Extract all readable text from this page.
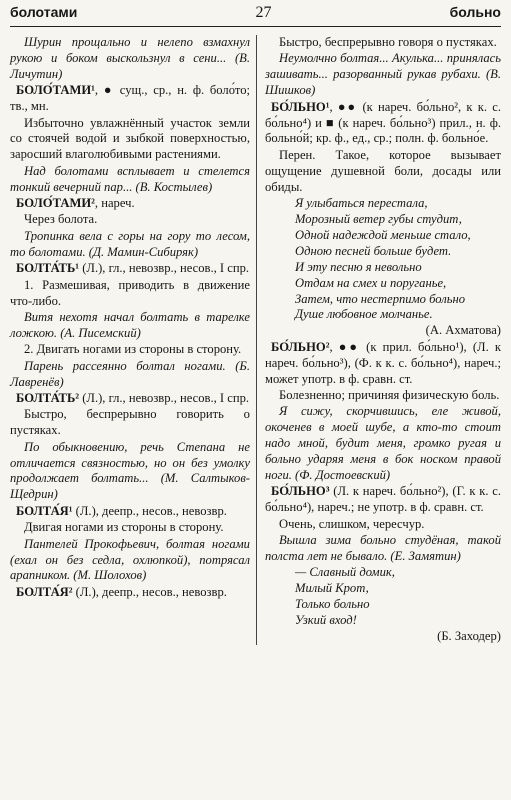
болотами	27	больно

Шурин прощально и нелепо взмахнул рукою и боком выскользнул в сени... (В. Личутин)

БОЛО́ТАМИ¹, ● сущ., ср., н. ф. боло́то; тв., мн.

Избыточно увлажнённый участок земли со стоячей водой и зыбкой поверхностью, заросший влаголюбивыми растениями.

Над болотами всплывает и стелется тонкий вечерний пар... (В. Костылев)

БОЛО́ТАМИ², нареч.

Через болота.

Тропинка вела с горы на гору то лесом, то болотами. (Д. Мамин-Сибиряк)

БОЛТА́ТЬ¹ (Л.), гл., невозвр., несов., I спр.

1. Размешивая, приводить в движение что-либо.

Витя нехотя начал болтать в тарелке ложкою. (А. Писемский)

2. Двигать ногами из стороны в сторону.

Парень рассеянно болтал ногами. (Б. Лавренёв)

БОЛТА́ТЬ² (Л.), гл., невозвр., несов., I спр.

Быстро, беспрерывно говорить о пустяках.

По обыкновению, речь Степана не отличается связностью, но он без умолку продолжает болтать... (М. Салтыков-Щедрин)

БОЛТА́Я¹ (Л.), деепр., несов., невозвр.

Двигая ногами из стороны в сторону.

Пантелей Прокофьевич, болтая ногами (ехал он без седла, охлюпкой), потрясал арапником. (М. Шолохов)

БОЛТА́Я² (Л.), деепр., несов., невозвр.

Быстро, беспрерывно говоря о пустяках.

Неумолчно болтая... Акулька... принялась зашивать... разорванный рукав рубахи. (В. Шишков)

БО́ЛЬНО¹, ●● (к нареч. бо́льно², к к. с. бо́льно⁴) и ■ (к нареч. бо́льно³) прил., н. ф. больно́й; кр. ф., ед., ср.; полн. ф. больно́е.

Перен. Такое, которое вызывает ощущение душевной боли, досады или обиды.

Я улыбаться перестала,

Морозный ветер губы студит,

Одной надеждой меньше стало,

Одною песней больше будет.

И эту песню я невольно

Отдам на смех и поруганье,

Затем, что нестерпимо больно

Душе любовное молчанье.

(А. Ахматова)

БО́ЛЬНО², ●● (к прил. бо́льно¹), (Л. к нареч. бо́льно³), (Ф. к к. с. бо́льно⁴), нареч.; может употр. в ф. сравн. ст.

Болезненно; причиняя физическую боль.

Я сижу, скорчившись, еле живой, окоченев в моей шубе, а кто-то стоит надо мной, будит меня, громко ругая и больно ударяя меня в бок носком правой ноги. (Ф. Достоевский)

БО́ЛЬНО³ (Л. к нареч. бо́льно²), (Г. к к. с. бо́льно⁴), нареч.; не употр. в ф. сравн. ст.

Очень, слишком, чересчур.

Вышла зима больно студёная, такой полста лет не бывало. (Е. Замятин)

— Славный домик,

Милый Крот,

Только больно

Узкий вход!

(Б. Заходер)
